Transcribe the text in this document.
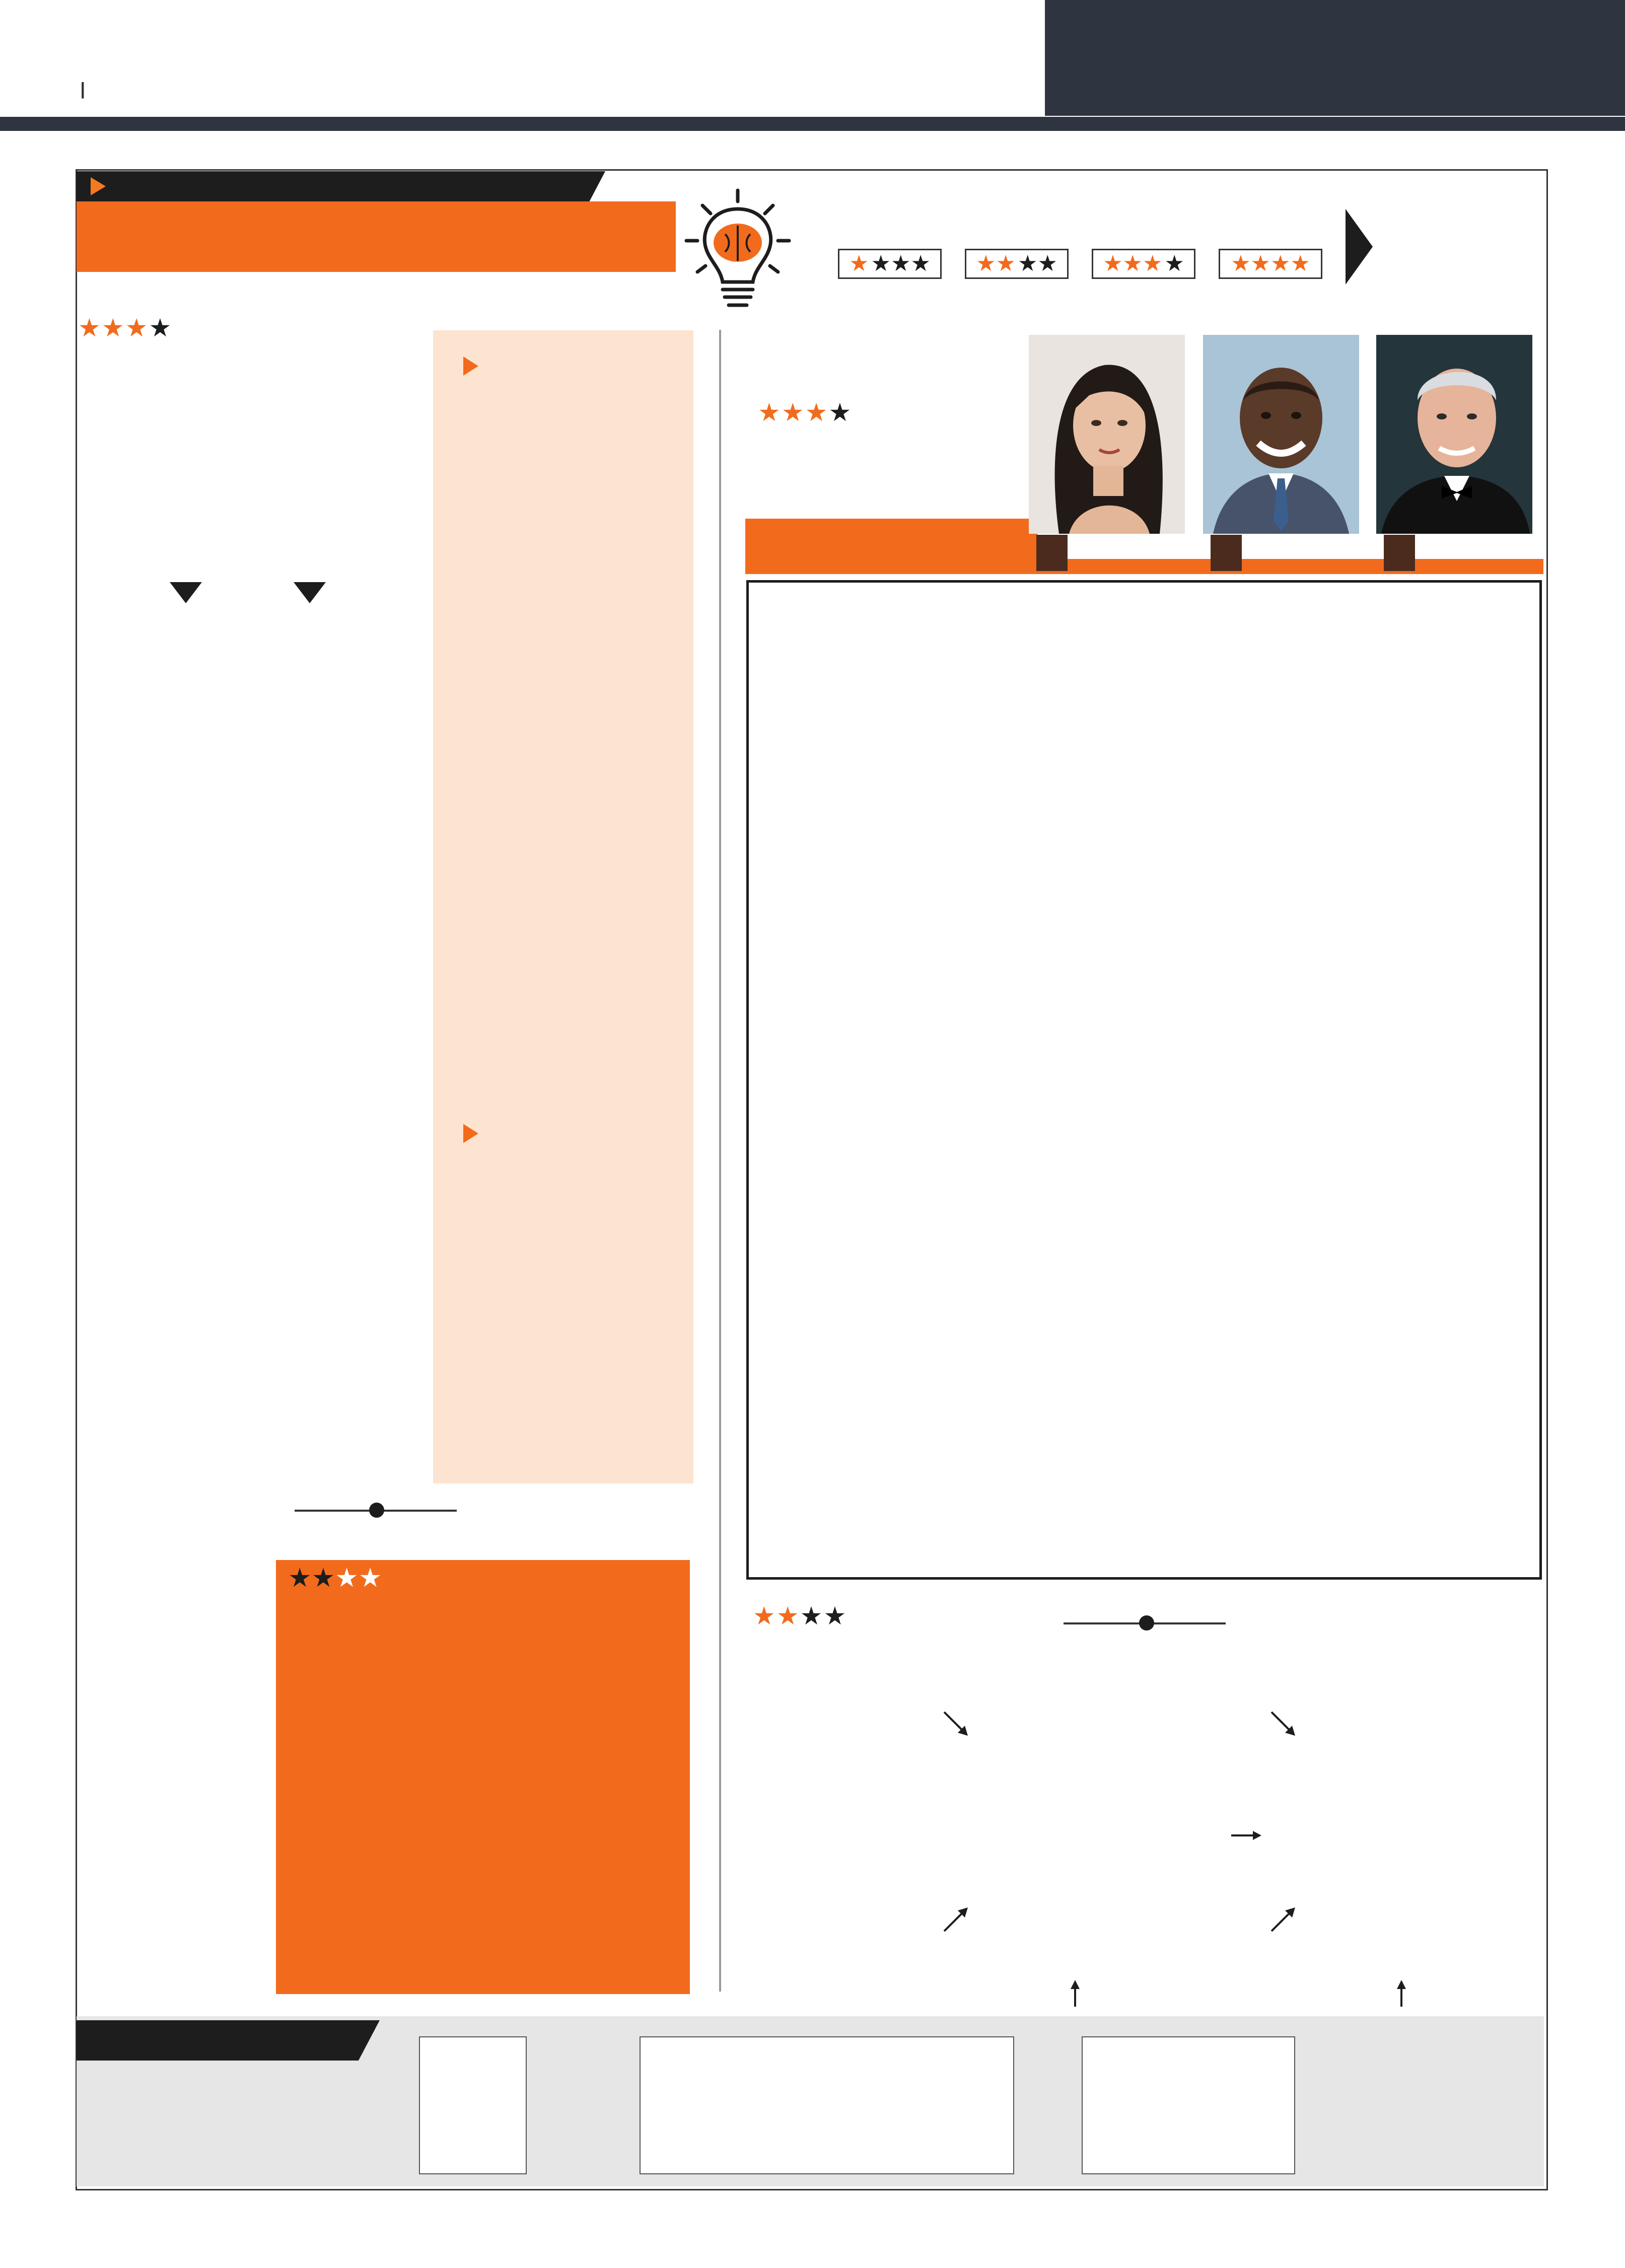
|
★ ★★★ ★★ ★★ ★★★ ★ ★★★★
★★★★

★★★★
★★★★
★★★★
